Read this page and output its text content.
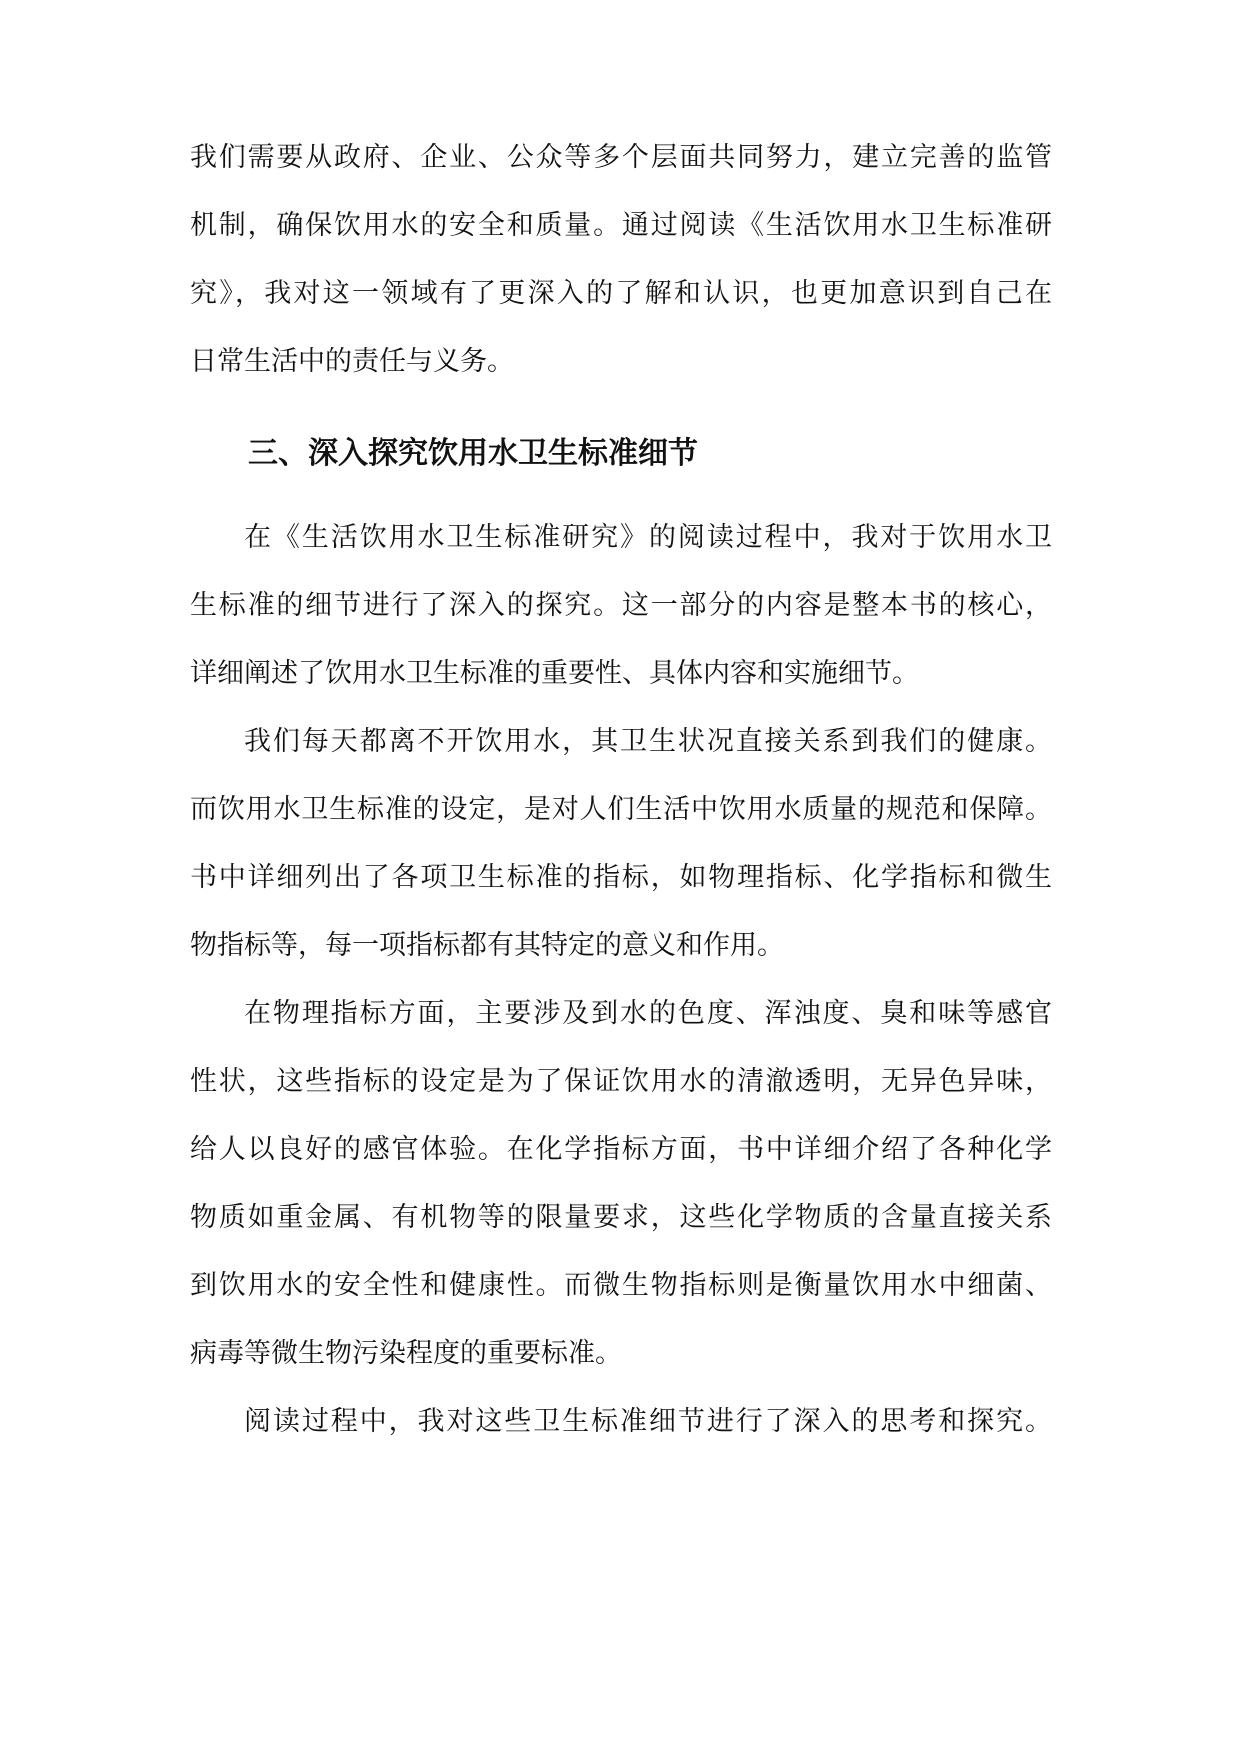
我们需要从政府、企业、公众等多个层面共同努力，建立完善的监管
机制，确保饮用水的安全和质量。通过阅读《生活饮用水卫生标准研
究》，我对这一领域有了更深入的了解和认识，也更加意识到自己在
日常生活中的责任与义务。
三、深入探究饮用水卫生标准细节
在《生活饮用水卫生标准研究》的阅读过程中，我对于饮用水卫
生标准的细节进行了深入的探究。这一部分的内容是整本书的核心，
详细阐述了饮用水卫生标准的重要性、具体内容和实施细节。
我们每天都离不开饮用水，其卫生状况直接关系到我们的健康。
而饮用水卫生标准的设定，是对人们生活中饮用水质量的规范和保障。
书中详细列出了各项卫生标准的指标，如物理指标、化学指标和微生
物指标等，每一项指标都有其特定的意义和作用。
在物理指标方面，主要涉及到水的色度、浑浊度、臭和味等感官
性状，这些指标的设定是为了保证饮用水的清澈透明，无异色异味，
给人以良好的感官体验。在化学指标方面，书中详细介绍了各种化学
物质如重金属、有机物等的限量要求，这些化学物质的含量直接关系
到饮用水的安全性和健康性。而微生物指标则是衡量饮用水中细菌、
病毒等微生物污染程度的重要标准。
阅读过程中，我对这些卫生标准细节进行了深入的思考和探究。
